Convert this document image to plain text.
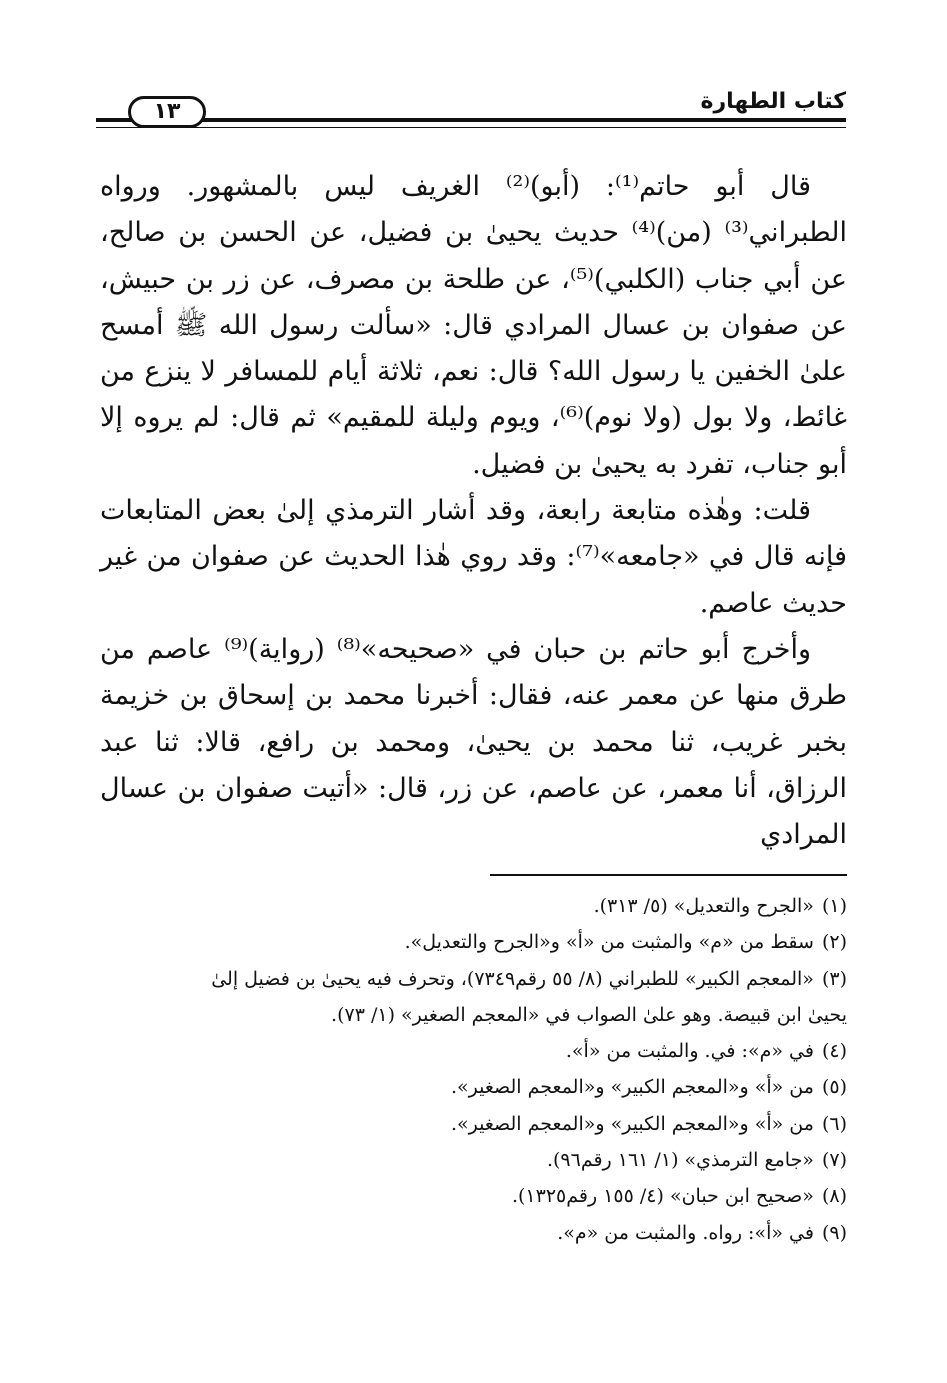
كتاب الطهارة
١٣

قال أبو حاتم⁽¹⁾: (أبو)⁽²⁾ الغريف ليس بالمشهور. ورواه الطبراني⁽³⁾ (من)⁽⁴⁾ حديث يحيىٰ بن فضيل، عن الحسن بن صالح، عن أبي جناب (الكلبي)⁽⁵⁾، عن طلحة بن مصرف، عن زر بن حبيش، عن صفوان بن عسال المرادي قال: «سألت رسول الله ﷺ أمسح علىٰ الخفين يا رسول الله؟ قال: نعم، ثلاثة أيام للمسافر لا ينزع من غائط، ولا بول (ولا نوم)⁽⁶⁾، ويوم وليلة للمقيم» ثم قال: لم يروه إلا أبو جناب، تفرد به يحيىٰ بن فضيل.

قلت: وهٰذه متابعة رابعة، وقد أشار الترمذي إلىٰ بعض المتابعات فإنه قال في «جامعه»⁽⁷⁾: وقد روي هٰذا الحديث عن صفوان من غير حديث عاصم.

وأخرج أبو حاتم بن حبان في «صحيحه»⁽⁸⁾ (رواية)⁽⁹⁾ عاصم من طرق منها عن معمر عنه، فقال: أخبرنا محمد بن إسحاق بن خزيمة بخبر غريب، ثنا محمد بن يحيىٰ، ومحمد بن رافع، قالا: ثنا عبد الرزاق، أنا معمر، عن عاصم، عن زر، قال: «أتيت صفوان بن عسال المرادي

(١)«الجرح والتعديل» (٥/ ٣١٣).
(٢)سقط من «م» والمثبت من «أ» و«الجرح والتعديل».
(٣)«المعجم الكبير» للطبراني (٨/ ٥٥ رقم٧٣٤٩)، وتحرف فيه يحيىٰ بن فضيل إلىٰ
يحيىٰ ابن قبيصة. وهو علىٰ الصواب في «المعجم الصغير» (١/ ٧٣).
(٤)في «م»: في. والمثبت من «أ».
(٥)من «أ» و«المعجم الكبير» و«المعجم الصغير».
(٦)من «أ» و«المعجم الكبير» و«المعجم الصغير».
(٧)«جامع الترمذي» (١/ ١٦١ رقم٩٦).
(٨)«صحيح ابن حبان» (٤/ ١٥٥ رقم١٣٢٥).
(٩)في «أ»: رواه. والمثبت من «م».
